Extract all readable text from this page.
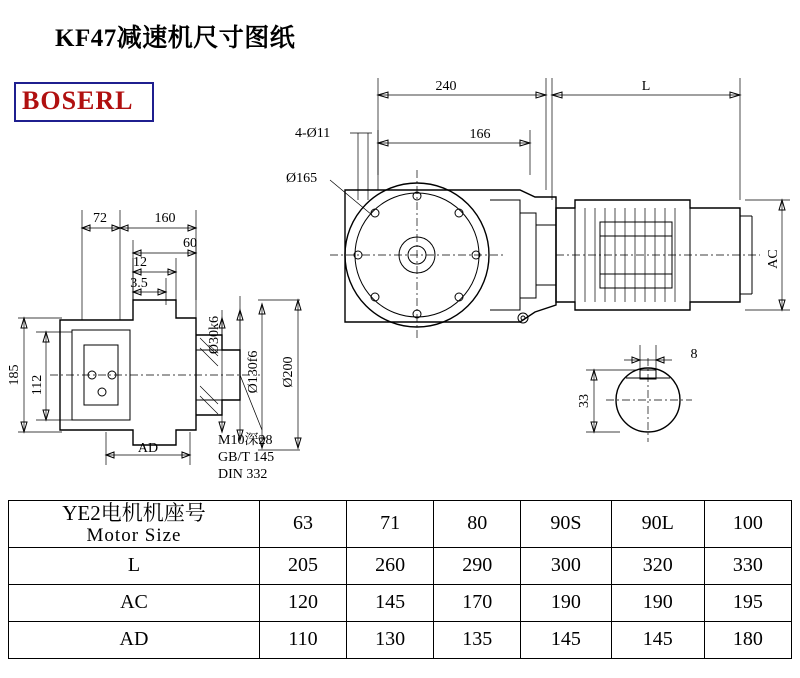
KF47减速机尺寸图纸
BOSERL	240	L
166
4-Ø11
Ø165
AC
72	160
60
12
3.5
185 112
AD
Ø30k6
Ø130f6 Ø200
M10深28
GB/T 145
DIN 332
8
33
YE2电机机座号
Motor Size	63	71	80	90S	90L	100
L	205	260	290	300	320	330
AC	120	145	170	190	190	195
AD	110	130	135	145	145	180
